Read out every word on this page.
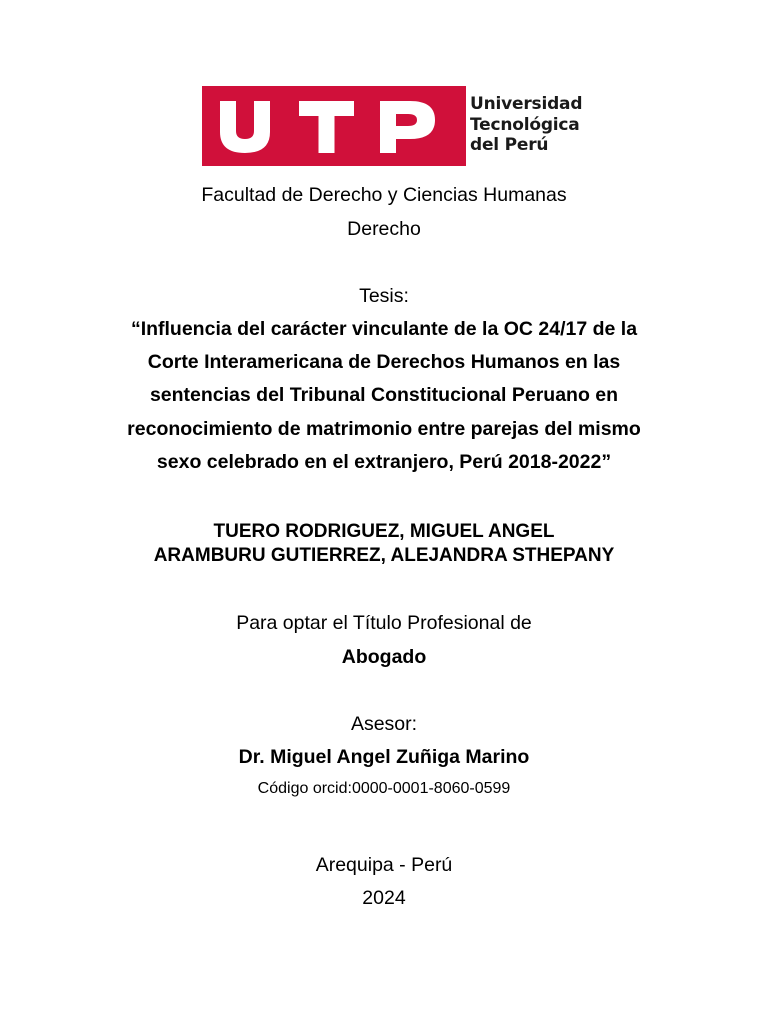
Universidad
Tecnológica
del Perú
Facultad de Derecho y Ciencias Humanas
Derecho
Tesis:
“Influencia del carácter vinculante de la OC 24/17 de la
Corte Interamericana de Derechos Humanos en las
sentencias del Tribunal Constitucional Peruano en
reconocimiento de matrimonio entre parejas del mismo
sexo celebrado en el extranjero, Perú 2018-2022”
TUERO RODRIGUEZ, MIGUEL ANGEL
ARAMBURU GUTIERREZ, ALEJANDRA STHEPANY
Para optar el Título Profesional de
Abogado
Asesor:
Dr. Miguel Angel Zuñiga Marino
Código orcid:0000-0001-8060-0599
Arequipa - Perú
2024
